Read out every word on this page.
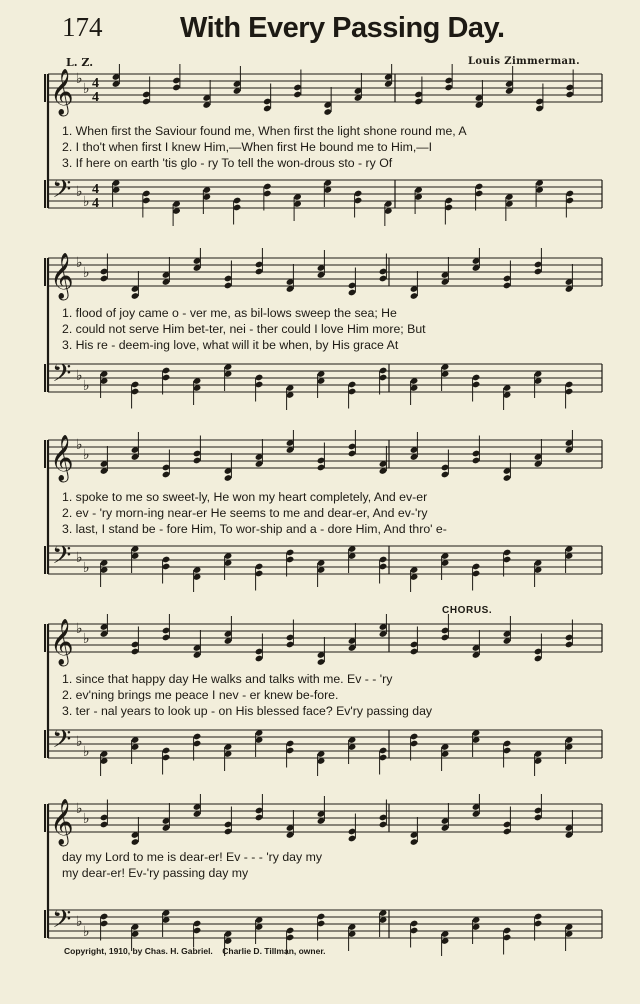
174	With Every Passing Day.
L. Z.	Louis Zimmerman.
𝄞
𝄢
♭
♭
♭
♭
4
4
4
4
1. When first the Saviour found me, When first the light shone round me, A
2. I tho't when first I knew Him,—When first He bound me to Him,—I
3. If here on earth 'tis glo - ry To tell the won-drous sto - ry Of
𝄞
𝄢
♭
♭
♭
♭
1. flood of joy came o - ver me, as bil-lows sweep the sea; He
2. could not serve Him bet-ter, nei - ther could I love Him more; But
3. His re - deem-ing love, what will it be when, by His grace At
𝄞
𝄢
♭
♭
♭
♭
1. spoke to me so sweet-ly, He won my heart completely, And ev-er
2. ev - 'ry morn-ing near-er He seems to me and dear-er, And ev-'ry
3. last, I stand be - fore Him, To wor-ship and a - dore Him, And thro' e-
CHORUS.
𝄞
𝄢
♭
♭
♭
♭
1. since that happy day He walks and talks with me. Ev - - 'ry
2. ev'ning brings me peace I nev - er knew be-fore.
3. ter - nal years to look up - on His blessed face? Ev'ry passing day
𝄞
𝄢
♭
♭
♭
♭
day my Lord to me is dear-er! Ev - - - 'ry day my
my dear-er! Ev-'ry passing day my
Copyright, 1910, by Chas. H. Gabriel. Charlie D. Tillman, owner.
